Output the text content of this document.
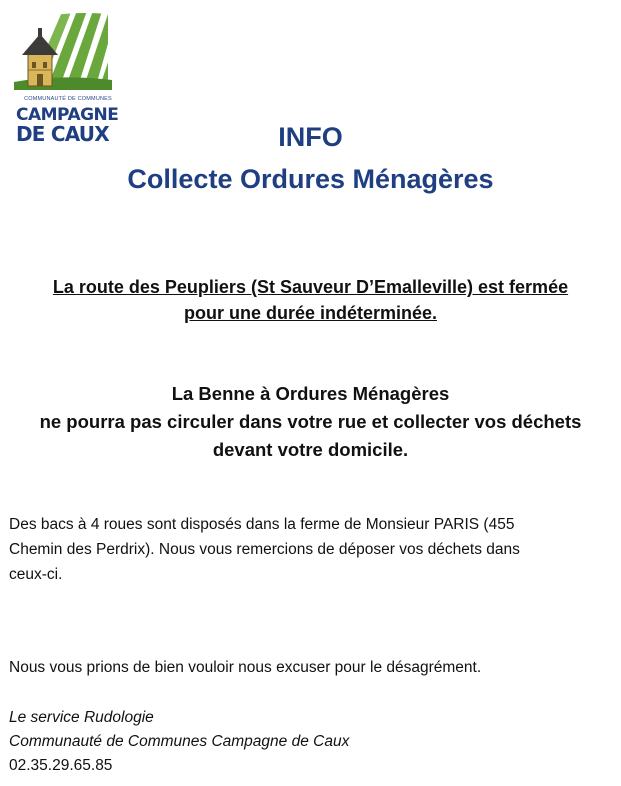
COMMUNAUTÉ DE COMMUNES
CAMPAGNE
DE CAUX	INFO
Collecte Ordures Ménagères
La route des Peupliers (St Sauveur D’Emalleville) est fermée
pour une durée indéterminée.
La Benne à Ordures Ménagères
ne pourra pas circuler dans votre rue et collecter vos déchets
devant votre domicile.
Des bacs à 4 roues sont disposés dans la ferme de Monsieur PARIS (455
Chemin des Perdrix). Nous vous remercions de déposer vos déchets dans
ceux-ci.
Nous vous prions de bien vouloir nous excuser pour le désagrément.
Le service Rudologie
Communauté de Communes Campagne de Caux
02.35.29.65.85
